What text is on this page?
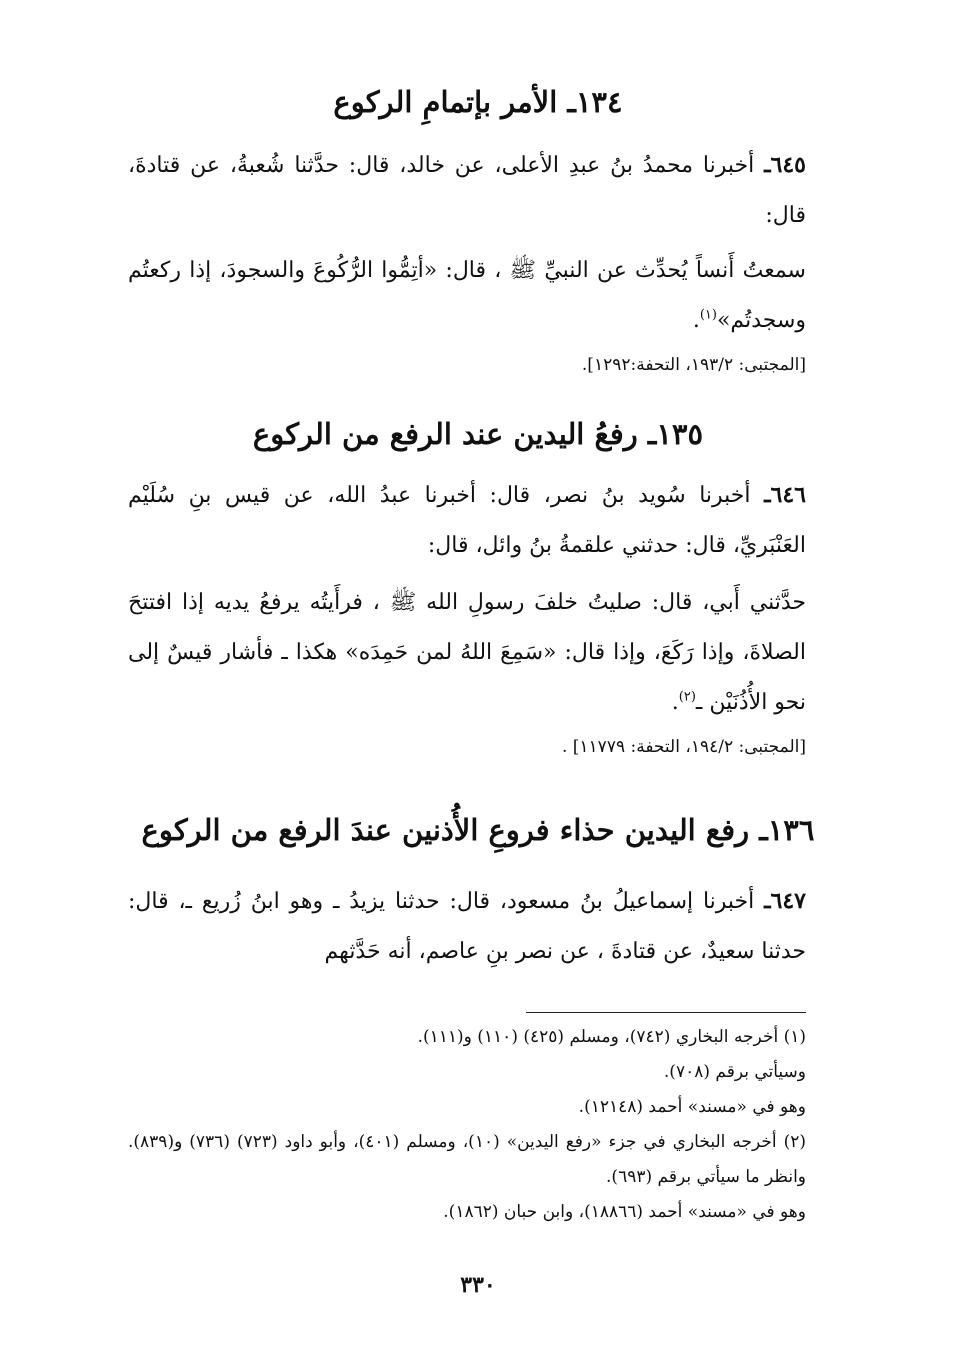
١٣٤ـ الأمر بإتمامِ الركوع
٦٤٥ـ أخبرنا محمدُ بنُ عبدِ الأعلى، عن خالد، قال: حدَّثنا شُعبةُ، عن قتادةَ، قال:
سمعتُ أَنساً يُحدِّث عن النبيِّ ﷺ ، قال: «أتِمُّوا الرُّكُوعَ والسجودَ، إذا ركعتُم وسجدتُم»$^{(١)}$.
[المجتبى: ١٩٣/٢، التحفة:١٢٩٢].
١٣٥ـ رفعُ اليدين عند الرفع من الركوع
٦٤٦ـ أخبرنا سُويد بنُ نصر، قال: أخبرنا عبدُ الله، عن قيس بنِ سُلَيْم العَنْبَريِّ، قال: حدثني علقمةُ بنُ وائل، قال:
حدَّثني أَبي، قال: صليتُ خلفَ رسولِ الله ﷺ ، فرأَيتُه يرفعُ يديه إذا افتتحَ الصلاةَ، وإذا رَكَعَ، وإذا قال: «سَمِعَ اللهُ لمن حَمِدَه» هكذا ـ فأشار قيسٌ إلى نحو الأُذُنَيْن ـ$^{(٢)}$.
[المجتبى: ١٩٤/٢، التحفة: ١١٧٧٩] .
١٣٦ـ رفع اليدين حذاء فروعِ الأُذنين عندَ الرفع من الركوع
٦٤٧ـ أخبرنا إسماعيلُ بنُ مسعود، قال: حدثنا يزيدُ ـ وهو ابنُ زُريع ـ، قال: حدثنا سعيدٌ، عن قتادةَ ، عن نصر بنِ عاصم، أنه حَدَّثهم
(١) أخرجه البخاري (٧٤٢)، ومسلم (٤٢٥) (١١٠) و(١١١).
وسيأتي برقم (٧٠٨).
وهو في «مسند» أحمد (١٢١٤٨).
(٢) أخرجه البخاري في جزء «رفع اليدين» (١٠)، ومسلم (٤٠١)، وأبو داود (٧٢٣) (٧٣٦) و(٨٣٩). وانظر ما سيأتي برقم (٦٩٣).
وهو في «مسند» أحمد (١٨٨٦٦)، وابن حبان (١٨٦٢).
٣٣٠
